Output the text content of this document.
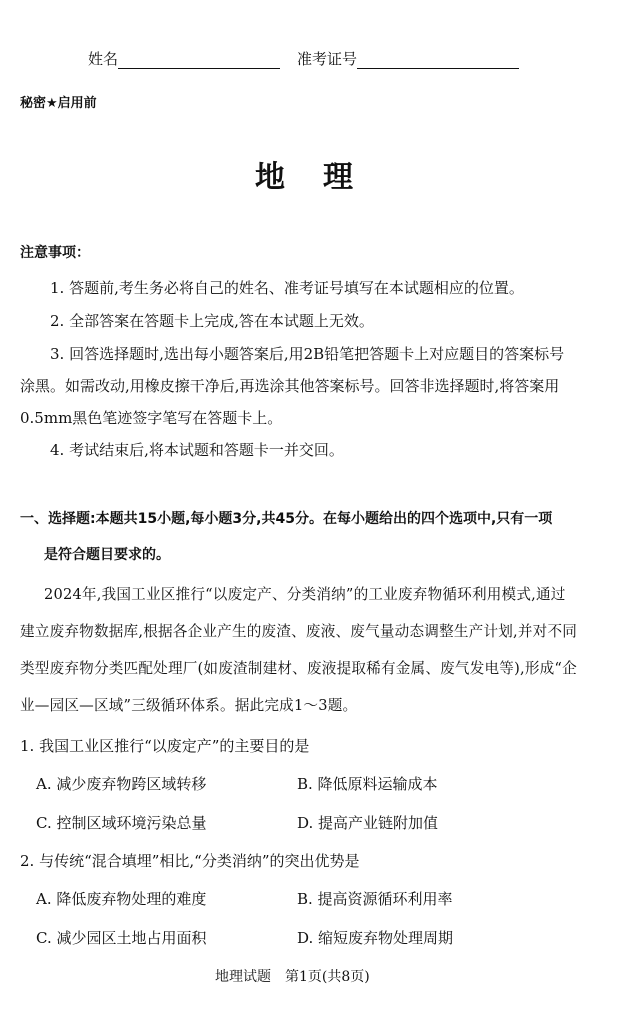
姓名	准考证号
秘密★启用前
地　理
注意事项：
1. 答题前,考生务必将自己的姓名、准考证号填写在本试题相应的位置。
2. 全部答案在答题卡上完成,答在本试题上无效。
3. 回答选择题时,选出每小题答案后,用2B铅笔把答题卡上对应题目的答案标号
涂黑。如需改动,用橡皮擦干净后,再选涂其他答案标号。回答非选择题时,将答案用
0.5mm黑色笔迹签字笔写在答题卡上。
4. 考试结束后,将本试题和答题卡一并交回。
一、选择题:本题共15小题,每小题3分,共45分。在每小题给出的四个选项中,只有一项
是符合题目要求的。
2024年,我国工业区推行“以废定产、分类消纳”的工业废弃物循环利用模式,通过
建立废弃物数据库,根据各企业产生的废渣、废液、废气量动态调整生产计划,并对不同
类型废弃物分类匹配处理厂(如废渣制建材、废液提取稀有金属、废气发电等),形成“企
业—园区—区域”三级循环体系。据此完成1～3题。
1. 我国工业区推行“以废定产”的主要目的是
A. 减少废弃物跨区域转移	B. 降低原料运输成本
C. 控制区域环境污染总量	D. 提高产业链附加值
2. 与传统“混合填埋”相比,“分类消纳”的突出优势是
A. 降低废弃物处理的难度	B. 提高资源循环利用率
C. 减少园区土地占用面积	D. 缩短废弃物处理周期
地理试题　第1页(共8页)
